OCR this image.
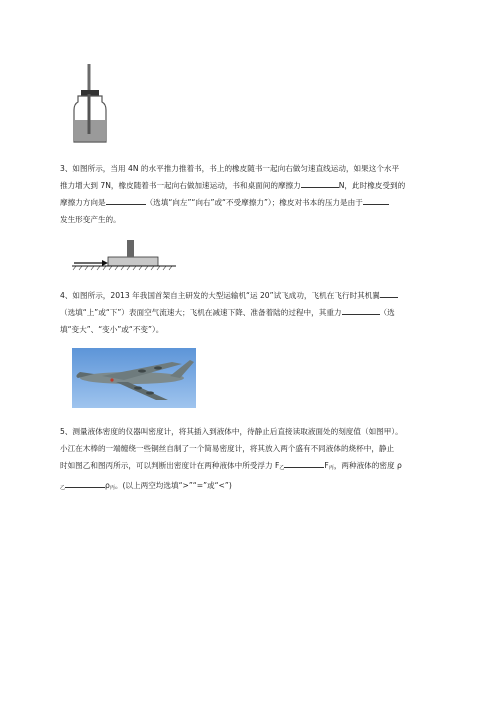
3、如图所示，当用 4N 的水平推力推着书，书上的橡皮随书一起向右做匀速直线运动，如果这个水平
推力增大到 7N，橡皮随着书一起向右做加速运动，书和桌面间的摩擦力	N，此时橡皮受到的
摩擦力方向是	（选填“向左”“向右”或“不受摩擦力”）；橡皮对书本的压力是由于
发生形变产生的。
4、如图所示，2013 年我国首架自主研发的大型运输机“运 20”试飞成功，飞机在飞行时其机翼
（选填“上”或“下”）表面空气流速大；飞机在减速下降、准备着陆的过程中，其重力	（选
填“变大”、“变小”或“不变”）。
5、测量液体密度的仪器叫密度计，将其插入到液体中，待静止后直接读取液面处的刻度值（如图甲）。
小江在木棒的一端缠绕一些铜丝自制了一个简易密度计，将其放入两个盛有不同液体的烧杯中，静止
时如图乙和图丙所示，可以判断出密度计在两种液体中所受浮力 $F_乙$	$F_丙$，两种液体的密度 ρ
$_乙$	$\rho_丙$。(以上两空均选填“>”“=”或“<”)
